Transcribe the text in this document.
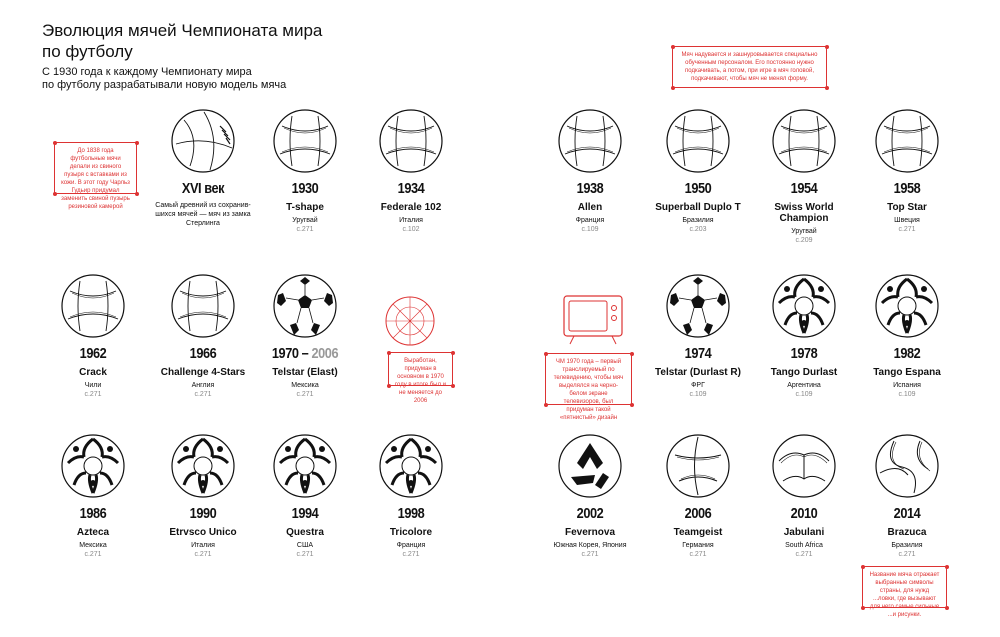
Эволюция мячей Чемпионата мира
по футболу
С 1930 года к каждому Чемпионату мира
по футболу разрабатывали новую модель мяча
Мяч надувается и зашнуровывается специально обученным персоналом. Его постоянно нужно подкачивать, а потом, при игре в мяч головой, подкачивают, чтобы мяч не менял форму.
До 1838 года футбольные мячи делали из свиного пузыря с вставками из кожи. В этот году Чарльз Гудьир придумал заменить свиной пузырь резиновой камерой
Выработан, придуман в основном в 1970 году в итоге был и не меняется до 2006
ЧМ 1970 года – первый транслируемый по телевидению, чтобы мяч выделялся на черно-белом экране телевизоров, был придуман такой «пятнистый» дизайн
Название мяча отражает выбранные символы страны, для нужд ...ловки, где вызывают для него самые сильные ...и рисунки.
XVI век
Самый древний из сохранив-шихся мячей — мяч из замка Стерлинга
1930
T-shape
Уругвай
с.271
1934
Federale 102
Италия
с.102
1938
Allen
Франция
с.109
1950
Superball Duplo T
Бразилия
с.203
1954
Swiss World Champion
Уругвай
с.209
1958
Top Star
Швеция
с.271
1962
Crack
Чили
с.271
1966
Challenge 4-Stars
Англия
с.271
1970 – 2006
Telstar (Elast)
Мексика
с.271
1974
Telstar (Durlast R)
ФРГ
с.109
1978
Tango Durlast
Аргентина
с.109
1982
Tango Espana
Испания
с.109
1986
Azteca
Мексика
с.271
1990
Etrvsco Unico
Италия
с.271
1994
Questra
США
с.271
1998
Tricolore
Франция
с.271
2002
Fevernova
Южная Корея, Япония
с.271
2006
Teamgeist
Германия
с.271
2010
Jabulani
South Africa
с.271
2014
Brazuca
Бразилия
с.271
